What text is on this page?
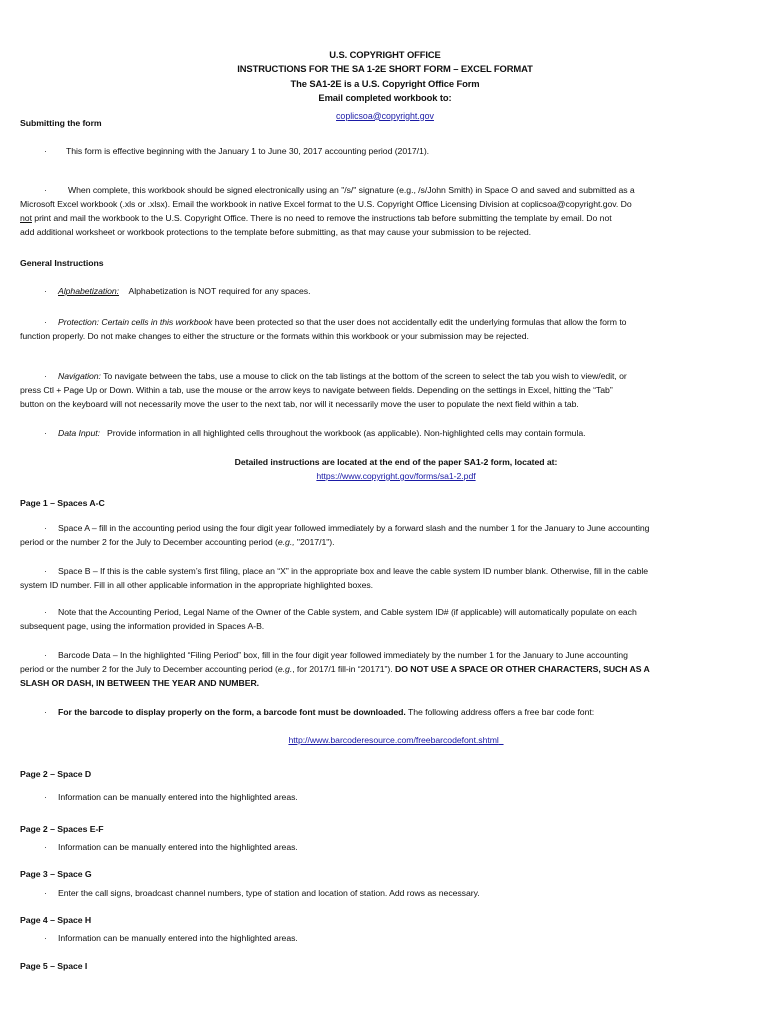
U.S. COPYRIGHT OFFICE
INSTRUCTIONS FOR THE SA 1-2E SHORT FORM – EXCEL FORMAT
The SA1-2E is a U.S. Copyright Office Form
Email completed workbook to:
coplicsoa@copyright.gov
Submitting the form
· This form is effective beginning with the January 1 to June 30, 2017 accounting period (2017/1).
· When complete, this workbook should be signed electronically using an "/s/" signature (e.g., /s/John Smith) in Space O and saved and submitted as a
Microsoft Excel workbook (.xls or .xlsx). Email the workbook in native Excel format to the U.S. Copyright Office Licensing Division at coplicsoa@copyright.gov. Do
not print and mail the workbook to the U.S. Copyright Office. There is no need to remove the instructions tab before submitting the template by email. Do not
add additional worksheet or workbook protections to the template before submitting, as that may cause your submission to be rejected.
General Instructions
· Alphabetization: Alphabetization is NOT required for any spaces.
· Protection: Certain cells in this workbook have been protected so that the user does not accidentally edit the underlying formulas that allow the form to
function properly. Do not make changes to either the structure or the formats within this workbook or your submission may be rejected.
· Navigation: To navigate between the tabs, use a mouse to click on the tab listings at the bottom of the screen to select the tab you wish to view/edit, or
press Ctl + Page Up or Down. Within a tab, use the mouse or the arrow keys to navigate between fields. Depending on the settings in Excel, hitting the “Tab”
button on the keyboard will not necessarily move the user to the next tab, nor will it necessarily move the user to populate the next field within a tab.
· Data Input: Provide information in all highlighted cells throughout the workbook (as applicable). Non-highlighted cells may contain formula.
Detailed instructions are located at the end of the paper SA1-2 form, located at:
https://www.copyright.gov/forms/sa1-2.pdf
Page 1 – Spaces A-C
· Space A – fill in the accounting period using the four digit year followed immediately by a forward slash and the number 1 for the January to June accounting
period or the number 2 for the July to December accounting period (e.g., "2017/1").
· Space B – If this is the cable system’s first filing, place an “X” in the appropriate box and leave the cable system ID number blank. Otherwise, fill in the cable
system ID number. Fill in all other applicable information in the appropriate highlighted boxes.
· Note that the Accounting Period, Legal Name of the Owner of the Cable system, and Cable system ID# (if applicable) will automatically populate on each
subsequent page, using the information provided in Spaces A-B.
· Barcode Data – In the highlighted “Filing Period” box, fill in the four digit year followed immediately by the number 1 for the January to June accounting
period or the number 2 for the July to December accounting period (e.g., for 2017/1 fill-in “20171”). DO NOT USE A SPACE OR OTHER CHARACTERS, SUCH AS A
SLASH OR DASH, IN BETWEEN THE YEAR AND NUMBER.
· For the barcode to display properly on the form, a barcode font must be downloaded. The following address offers a free bar code font:
http://www.barcoderesource.com/freebarcodefont.shtml
Page 2 – Space D
· Information can be manually entered into the highlighted areas.
Page 2 – Spaces E-F
· Information can be manually entered into the highlighted areas.
Page 3 – Space G
· Enter the call signs, broadcast channel numbers, type of station and location of station. Add rows as necessary.
Page 4 – Space H
· Information can be manually entered into the highlighted areas.
Page 5 – Space I
